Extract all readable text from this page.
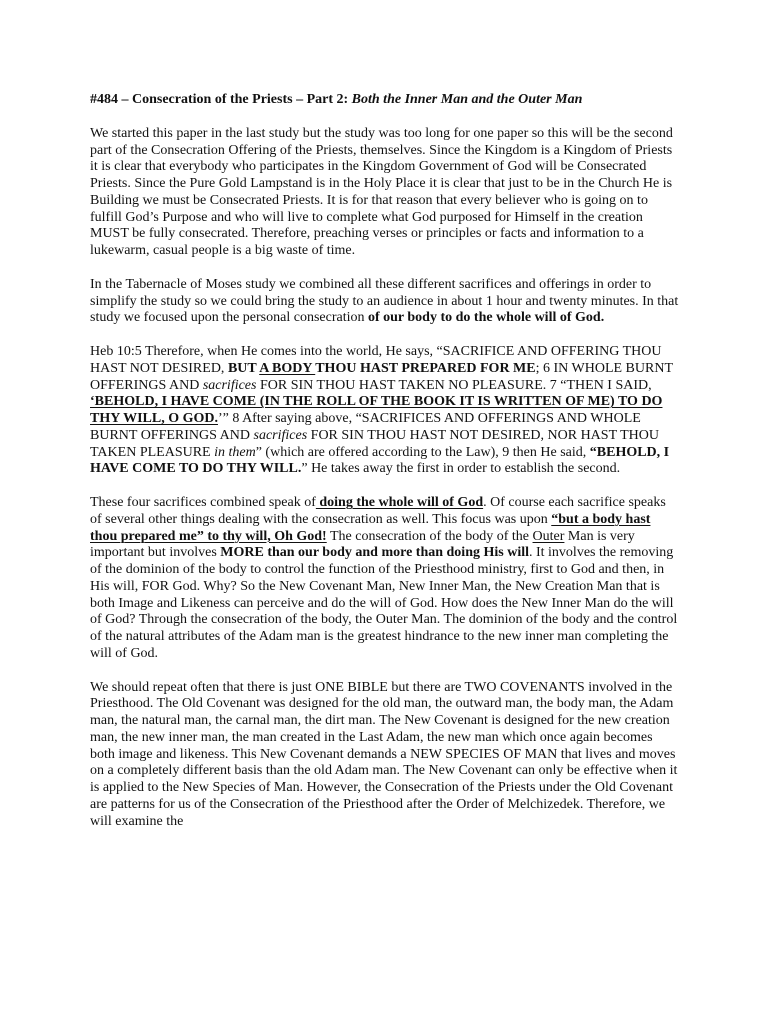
#484 – Consecration of the Priests – Part 2: Both the Inner Man and the Outer Man

We started this paper in the last study but the study was too long for one paper so this will be the second part of the Consecration Offering of the Priests, themselves. Since the Kingdom is a Kingdom of Priests it is clear that everybody who participates in the Kingdom Government of God will be Consecrated Priests. Since the Pure Gold Lampstand is in the Holy Place it is clear that just to be in the Church He is Building we must be Consecrated Priests. It is for that reason that every believer who is going on to fulfill God’s Purpose and who will live to complete what God purposed for Himself in the creation MUST be fully consecrated. Therefore, preaching verses or principles or facts and information to a lukewarm, casual people is a big waste of time.

In the Tabernacle of Moses study we combined all these different sacrifices and offerings in order to simplify the study so we could bring the study to an audience in about 1 hour and twenty minutes. In that study we focused upon the personal consecration of our body to do the whole will of God.

Heb 10:5 Therefore, when He comes into the world, He says, “SACRIFICE AND OFFERING THOU HAST NOT DESIRED, BUT A BODY THOU HAST PREPARED FOR ME; 6 IN WHOLE BURNT OFFERINGS AND sacrifices FOR SIN THOU HAST TAKEN NO PLEASURE. 7 “THEN I SAID, ‘BEHOLD, I HAVE COME (IN THE ROLL OF THE BOOK IT IS WRITTEN OF ME) TO DO THY WILL, O GOD.’” 8 After saying above, “SACRIFICES AND OFFERINGS AND WHOLE BURNT OFFERINGS AND sacrifices FOR SIN THOU HAST NOT DESIRED, NOR HAST THOU TAKEN PLEASURE in them” (which are offered according to the Law), 9 then He said, “BEHOLD, I HAVE COME TO DO THY WILL.” He takes away the first in order to establish the second.

These four sacrifices combined speak of doing the whole will of God. Of course each sacrifice speaks of several other things dealing with the consecration as well. This focus was upon “but a body hast thou prepared me” to thy will, Oh God! The consecration of the body of the Outer Man is very important but involves MORE than our body and more than doing His will. It involves the removing of the dominion of the body to control the function of the Priesthood ministry, first to God and then, in His will, FOR God. Why? So the New Covenant Man, New Inner Man, the New Creation Man that is both Image and Likeness can perceive and do the will of God. How does the New Inner Man do the will of God? Through the consecration of the body, the Outer Man. The dominion of the body and the control of the natural attributes of the Adam man is the greatest hindrance to the new inner man completing the will of God.

We should repeat often that there is just ONE BIBLE but there are TWO COVENANTS involved in the Priesthood. The Old Covenant was designed for the old man, the outward man, the body man, the Adam man, the natural man, the carnal man, the dirt man. The New Covenant is designed for the new creation man, the new inner man, the man created in the Last Adam, the new man which once again becomes both image and likeness. This New Covenant demands a NEW SPECIES OF MAN that lives and moves on a completely different basis than the old Adam man. The New Covenant can only be effective when it is applied to the New Species of Man. However, the Consecration of the Priests under the Old Covenant are patterns for us of the Consecration of the Priesthood after the Order of Melchizedek. Therefore, we will examine the
